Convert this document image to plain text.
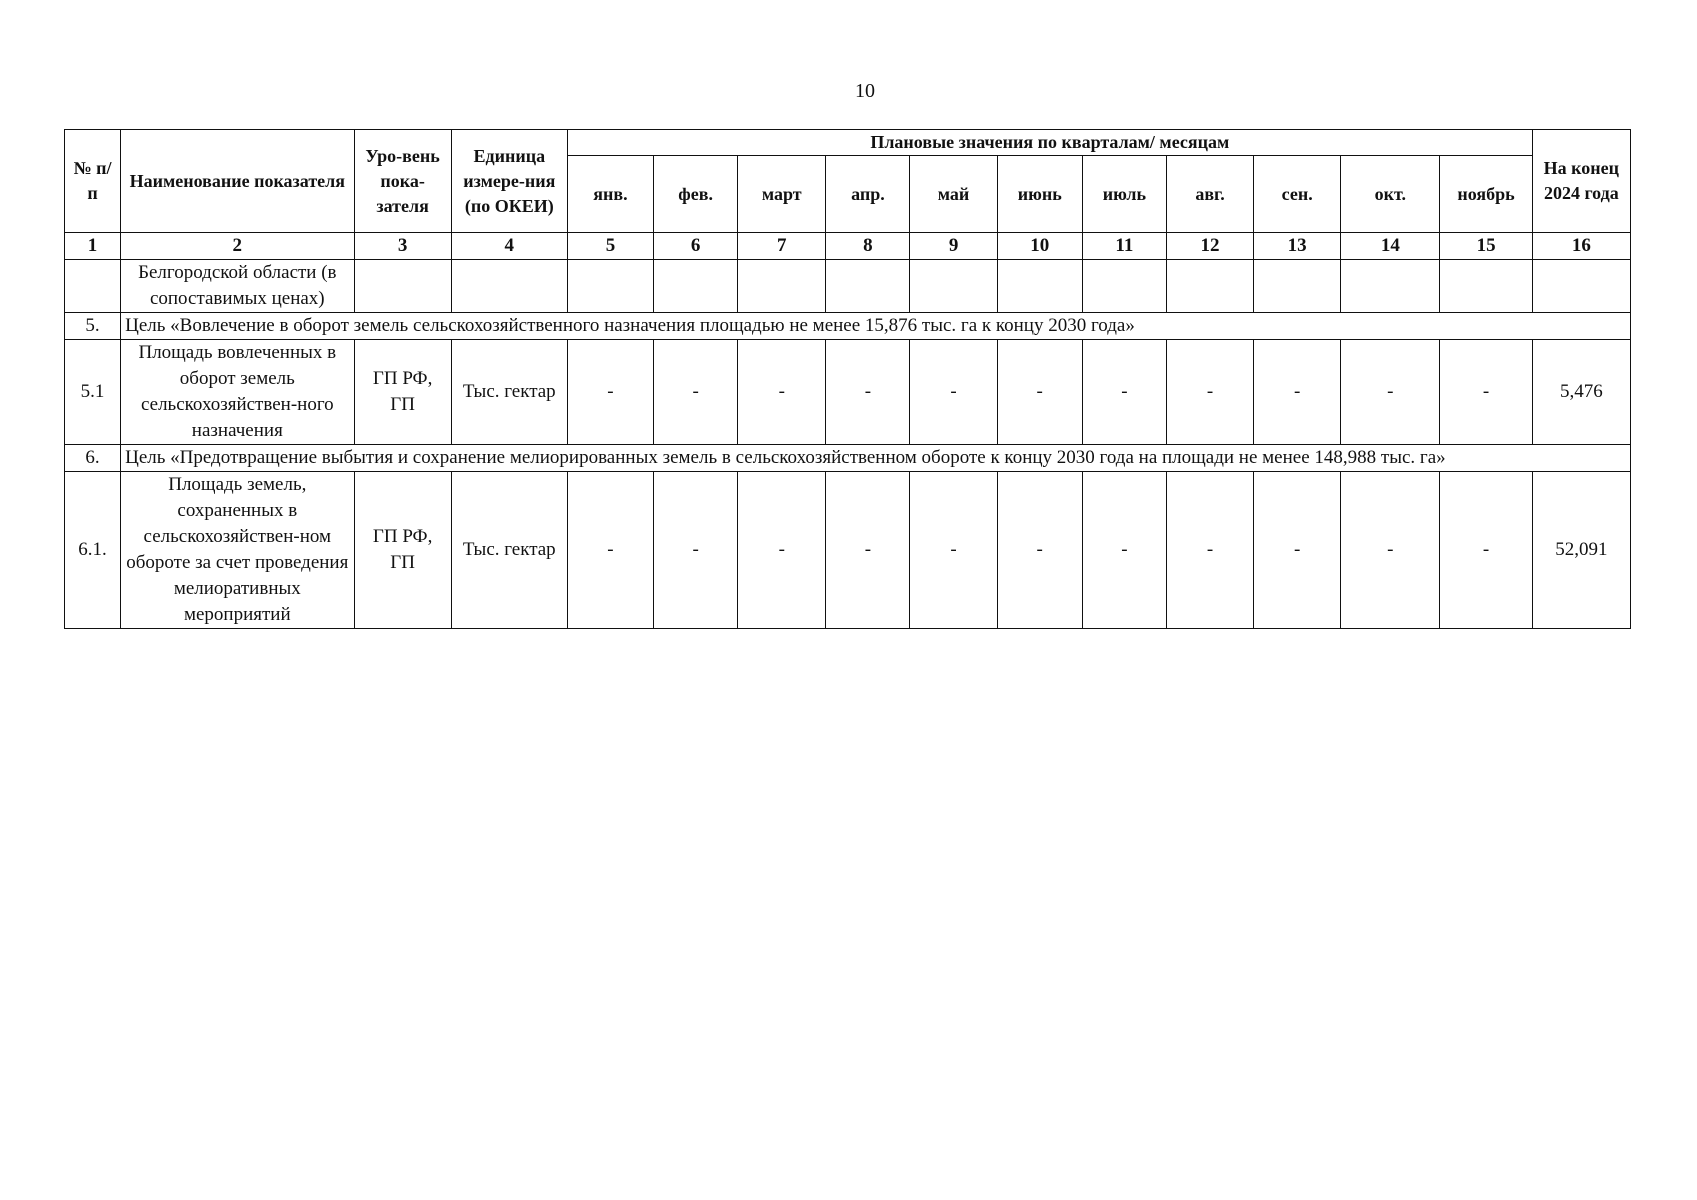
10
№ п/п	Наименование показателя	Уро-вень пока-зателя	Единица измере-ния (по ОКЕИ)	Плановые значения по кварталам/ месяцам											На конец 2024 года
				янв.	фев.	март	апр.	май	июнь	июль	авг.	сен.	окт.	ноябрь	
1	2	3	4	5	6	7	8	9	10	11	12	13	14	15	16
	Белгородской области (в сопоставимых ценах)														
5.	Цель «Вовлечение в оборот земель сельскохозяйственного назначения площадью не менее 15,876 тыс. га к концу 2030 года»														
5.1	Площадь вовлеченных в оборот земель сельскохозяйствен-ного назначения	ГП РФ, ГП	Тыс. гектар	-	-	-	-	-	-	-	-	-	-	-	5,476
6.	Цель «Предотвращение выбытия и сохранение мелиорированных земель в сельскохозяйственном обороте к концу 2030 года на площади не менее 148,988 тыс. га»														
6.1.	Площадь земель, сохраненных в сельскохозяйствен-ном обороте за счет проведения мелиоративных мероприятий	ГП РФ, ГП	Тыс. гектар	-	-	-	-	-	-	-	-	-	-	-	52,091
